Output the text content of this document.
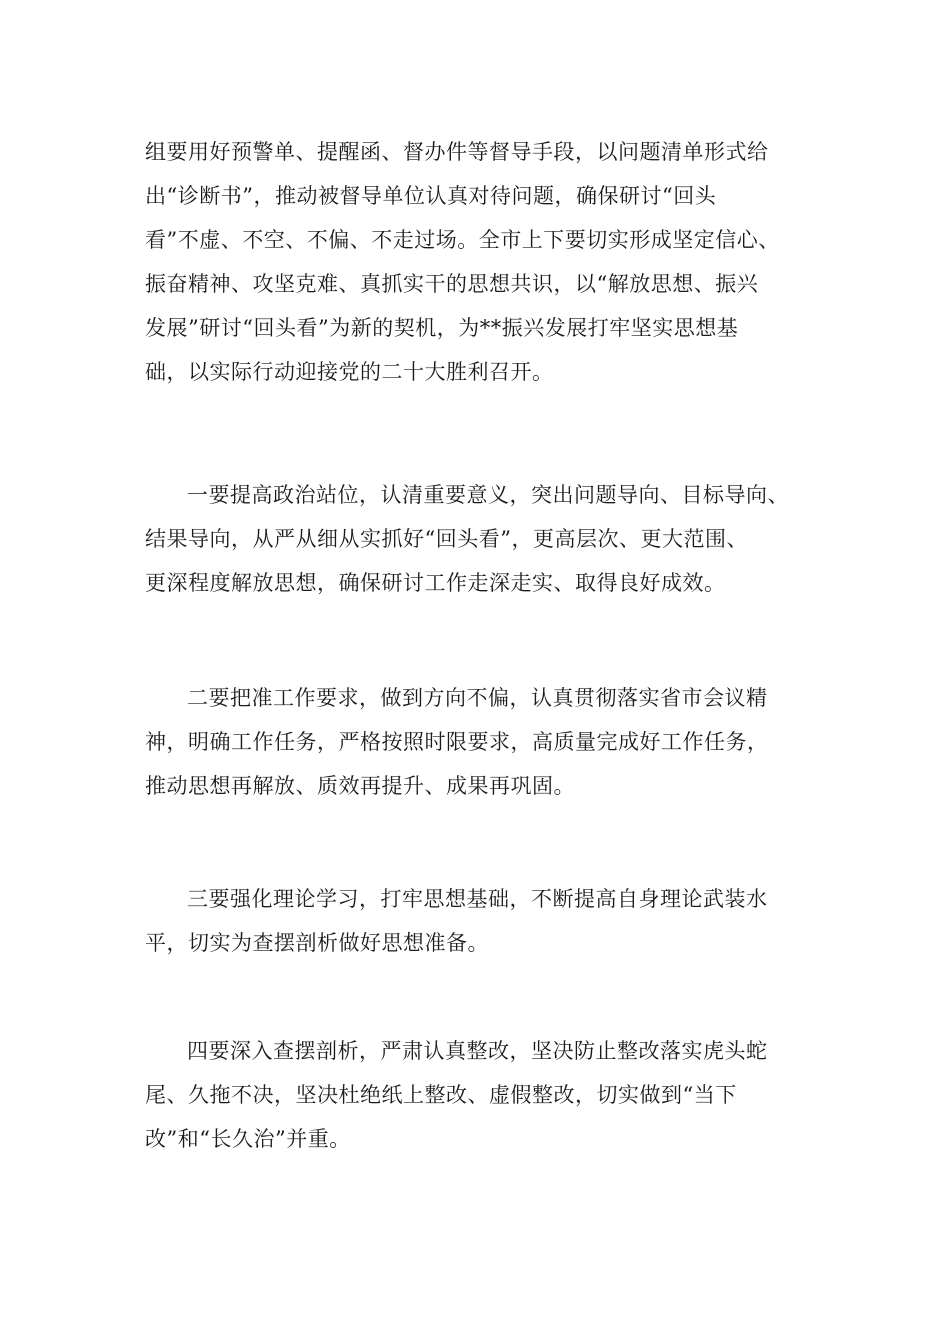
组要用好预警单、提醒函、督办件等督导手段，以问题清单形式给
出“诊断书”，推动被督导单位认真对待问题，确保研讨“回头
看”不虚、不空、不偏、不走过场。全市上下要切实形成坚定信心、
振奋精神、攻坚克难、真抓实干的思想共识，以“解放思想、振兴
发展”研讨“回头看”为新的契机，为**振兴发展打牢坚实思想基
础，以实际行动迎接党的二十大胜利召开。
一要提高政治站位，认清重要意义，突出问题导向、目标导向、
结果导向，从严从细从实抓好“回头看”，更高层次、更大范围、
更深程度解放思想，确保研讨工作走深走实、取得良好成效。
二要把准工作要求，做到方向不偏，认真贯彻落实省市会议精
神，明确工作任务，严格按照时限要求，高质量完成好工作任务，
推动思想再解放、质效再提升、成果再巩固。
三要强化理论学习，打牢思想基础，不断提高自身理论武装水
平，切实为查摆剖析做好思想准备。
四要深入查摆剖析，严肃认真整改，坚决防止整改落实虎头蛇
尾、久拖不决，坚决杜绝纸上整改、虚假整改，切实做到“当下
改”和“长久治”并重。
